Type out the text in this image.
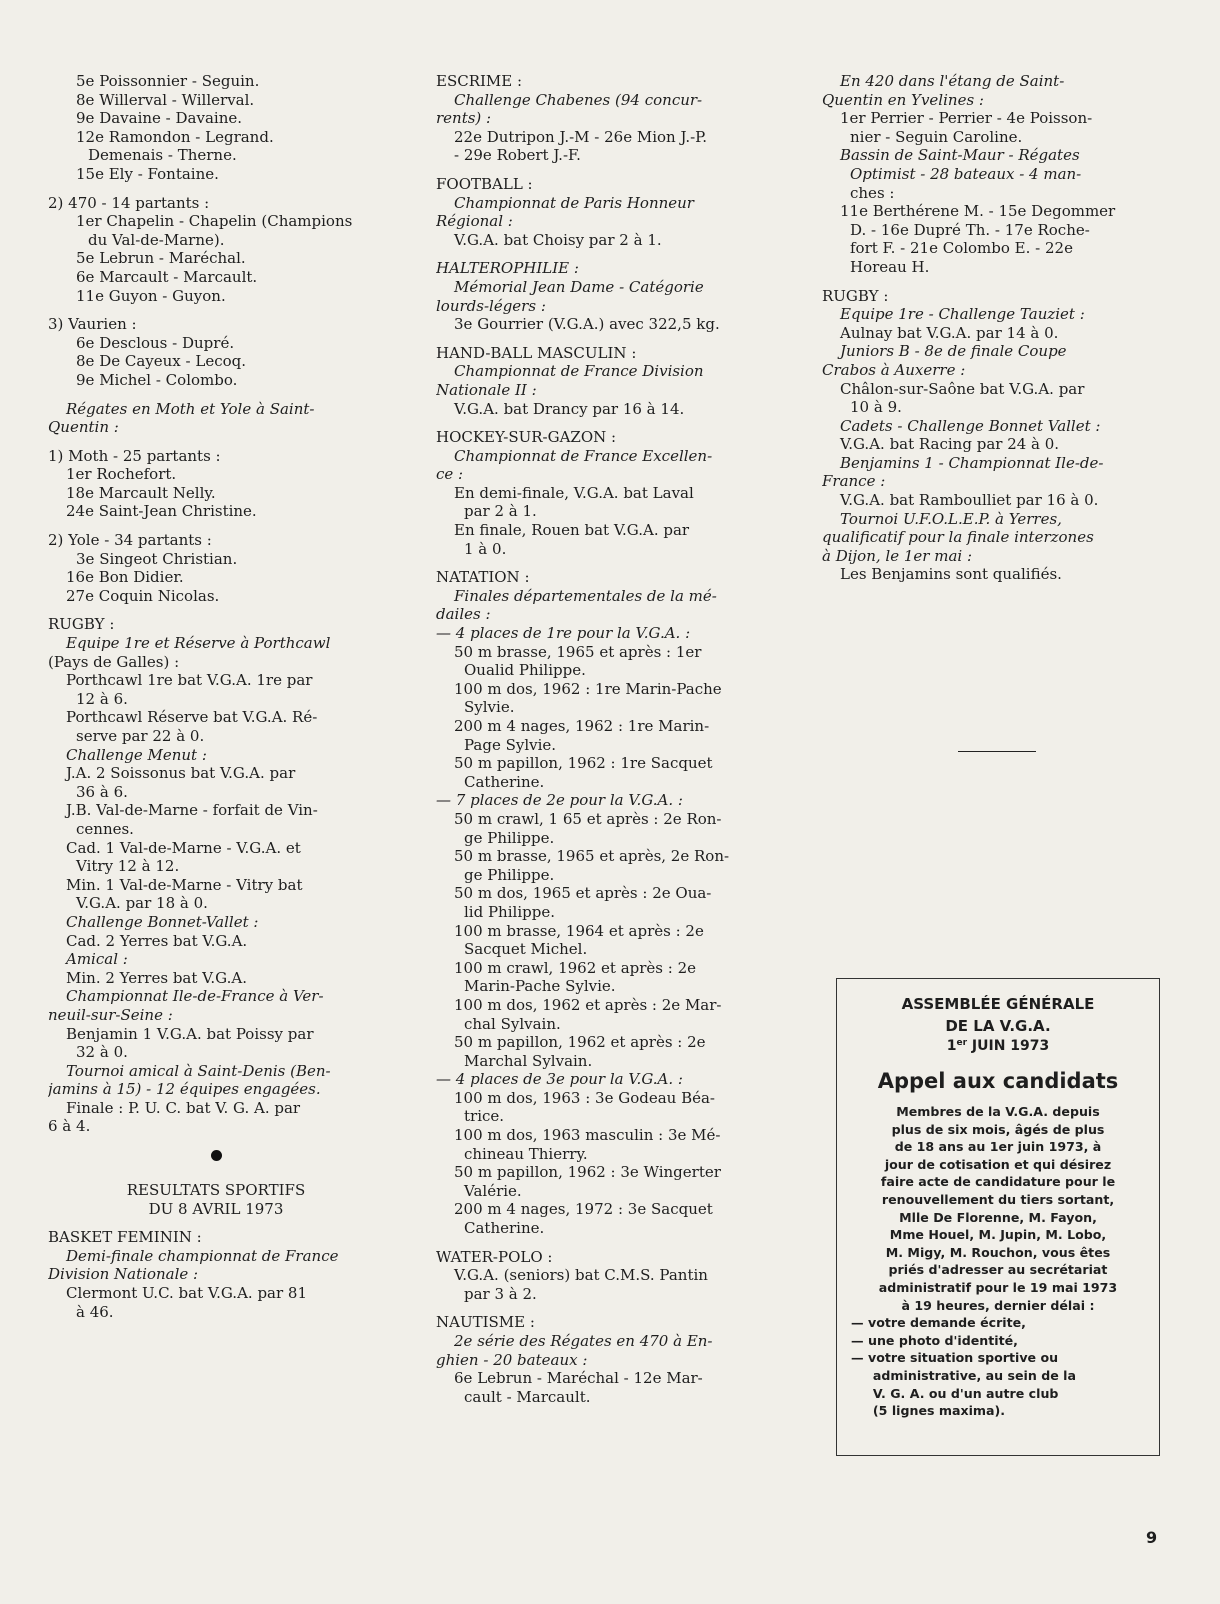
5e Poissonnier - Seguin.
8e Willerval - Willerval.
9e Davaine - Davaine.
12e Ramondon - Legrand.
Demenais - Therne.
15e Ely - Fontaine.
2) 470 - 14 partants :
1er Chapelin - Chapelin (Champions
du Val-de-Marne).
5e Lebrun - Maréchal.
6e Marcault - Marcault.
11e Guyon - Guyon.
3) Vaurien :
6e Desclous - Dupré.
8e De Cayeux - Lecoq.
9e Michel - Colombo.
Régates en Moth et Yole à Saint-
Quentin :
1) Moth - 25 partants :
1er Rochefort.
18e Marcault Nelly.
24e Saint-Jean Christine.
2) Yole - 34 partants :
3e Singeot Christian.
16e Bon Didier.
27e Coquin Nicolas.
RUGBY :
Equipe 1re et Réserve à Porthcawl
(Pays de Galles) :
Porthcawl 1re bat V.G.A. 1re par
12 à 6.
Porthcawl Réserve bat V.G.A. Ré-
serve par 22 à 0.
Challenge Menut :
J.A. 2 Soissonus bat V.G.A. par
36 à 6.
J.B. Val-de-Marne - forfait de Vin-
cennes.
Cad. 1 Val-de-Marne - V.G.A. et
Vitry 12 à 12.
Min. 1 Val-de-Marne - Vitry bat
V.G.A. par 18 à 0.
Challenge Bonnet-Vallet :
Cad. 2 Yerres bat V.G.A.
Amical :
Min. 2 Yerres bat V.G.A.
Championnat Ile-de-France à Ver-
neuil-sur-Seine :
Benjamin 1 V.G.A. bat Poissy par
32 à 0.
Tournoi amical à Saint-Denis (Ben-
jamins à 15) - 12 équipes engagées.
Finale : P. U. C. bat V. G. A. par
6 à 4.
RESULTATS SPORTIFS
DU 8 AVRIL 1973
BASKET FEMININ :
Demi-finale championnat de France
Division Nationale :
Clermont U.C. bat V.G.A. par 81
à 46.
ESCRIME :
Challenge Chabenes (94 concur-
rents) :
22e Dutripon J.-M - 26e Mion J.-P.
- 29e Robert J.-F.
FOOTBALL :
Championnat de Paris Honneur
Régional :
V.G.A. bat Choisy par 2 à 1.
HALTEROPHILIE :
Mémorial Jean Dame - Catégorie
lourds-légers :
3e Gourrier (V.G.A.) avec 322,5 kg.
HAND-BALL MASCULIN :
Championnat de France Division
Nationale II :
V.G.A. bat Drancy par 16 à 14.
HOCKEY-SUR-GAZON :
Championnat de France Excellen-
ce :
En demi-finale, V.G.A. bat Laval
par 2 à 1.
En finale, Rouen bat V.G.A. par
1 à 0.
NATATION :
Finales départementales de la mé-
dailes :
— 4 places de 1re pour la V.G.A. :
50 m brasse, 1965 et après : 1er
Oualid Philippe.
100 m dos, 1962 : 1re Marin-Pache
Sylvie.
200 m 4 nages, 1962 : 1re Marin-
Page Sylvie.
50 m papillon, 1962 : 1re Sacquet
Catherine.
— 7 places de 2e pour la V.G.A. :
50 m crawl, 1 65 et après : 2e Ron-
ge Philippe.
50 m brasse, 1965 et après, 2e Ron-
ge Philippe.
50 m dos, 1965 et après : 2e Oua-
lid Philippe.
100 m brasse, 1964 et après : 2e
Sacquet Michel.
100 m crawl, 1962 et après : 2e
Marin-Pache Sylvie.
100 m dos, 1962 et après : 2e Mar-
chal Sylvain.
50 m papillon, 1962 et après : 2e
Marchal Sylvain.
— 4 places de 3e pour la V.G.A. :
100 m dos, 1963 : 3e Godeau Béa-
trice.
100 m dos, 1963 masculin : 3e Mé-
chineau Thierry.
50 m papillon, 1962 : 3e Wingerter
Valérie.
200 m 4 nages, 1972 : 3e Sacquet
Catherine.
WATER-POLO :
V.G.A. (seniors) bat C.M.S. Pantin
par 3 à 2.
NAUTISME :
2e série des Régates en 470 à En-
ghien - 20 bateaux :
6e Lebrun - Maréchal - 12e Mar-
cault - Marcault.
En 420 dans l'étang de Saint-
Quentin en Yvelines :
1er Perrier - Perrier - 4e Poisson-
nier - Seguin Caroline.
Bassin de Saint-Maur - Régates
Optimist - 28 bateaux - 4 man-
ches :
11e Berthérene M. - 15e Degommer
D. - 16e Dupré Th. - 17e Roche-
fort F. - 21e Colombo E. - 22e
Horeau H.
RUGBY :
Equipe 1re - Challenge Tauziet :
Aulnay bat V.G.A. par 14 à 0.
Juniors B - 8e de finale Coupe
Crabos à Auxerre :
Châlon-sur-Saône bat V.G.A. par
10 à 9.
Cadets - Challenge Bonnet Vallet :
V.G.A. bat Racing par 24 à 0.
Benjamins 1 - Championnat Ile-de-
France :
V.G.A. bat Ramboulliet par 16 à 0.
Tournoi U.F.O.L.E.P. à Yerres,
qualificatif pour la finale interzones
à Dijon, le 1er mai :
Les Benjamins sont qualifiés.
ASSEMBLÉE GÉNÉRALE
DE LA V.G.A.
1er JUIN 1973
Appel aux candidats
Membres de la V.G.A. depuis
plus de six mois, âgés de plus
de 18 ans au 1er juin 1973, à
jour de cotisation et qui désirez
faire acte de candidature pour le
renouvellement du tiers sortant,
Mlle De Florenne, M. Fayon,
Mme Houel, M. Jupin, M. Lobo,
M. Migy, M. Rouchon, vous êtes
priés d'adresser au secrétariat
administratif pour le 19 mai 1973
à 19 heures, dernier délai :
— votre demande écrite,
— une photo d'identité,
— votre situation sportive ou
administrative, au sein de la
V. G. A. ou d'un autre club
(5 lignes maxima).
9
